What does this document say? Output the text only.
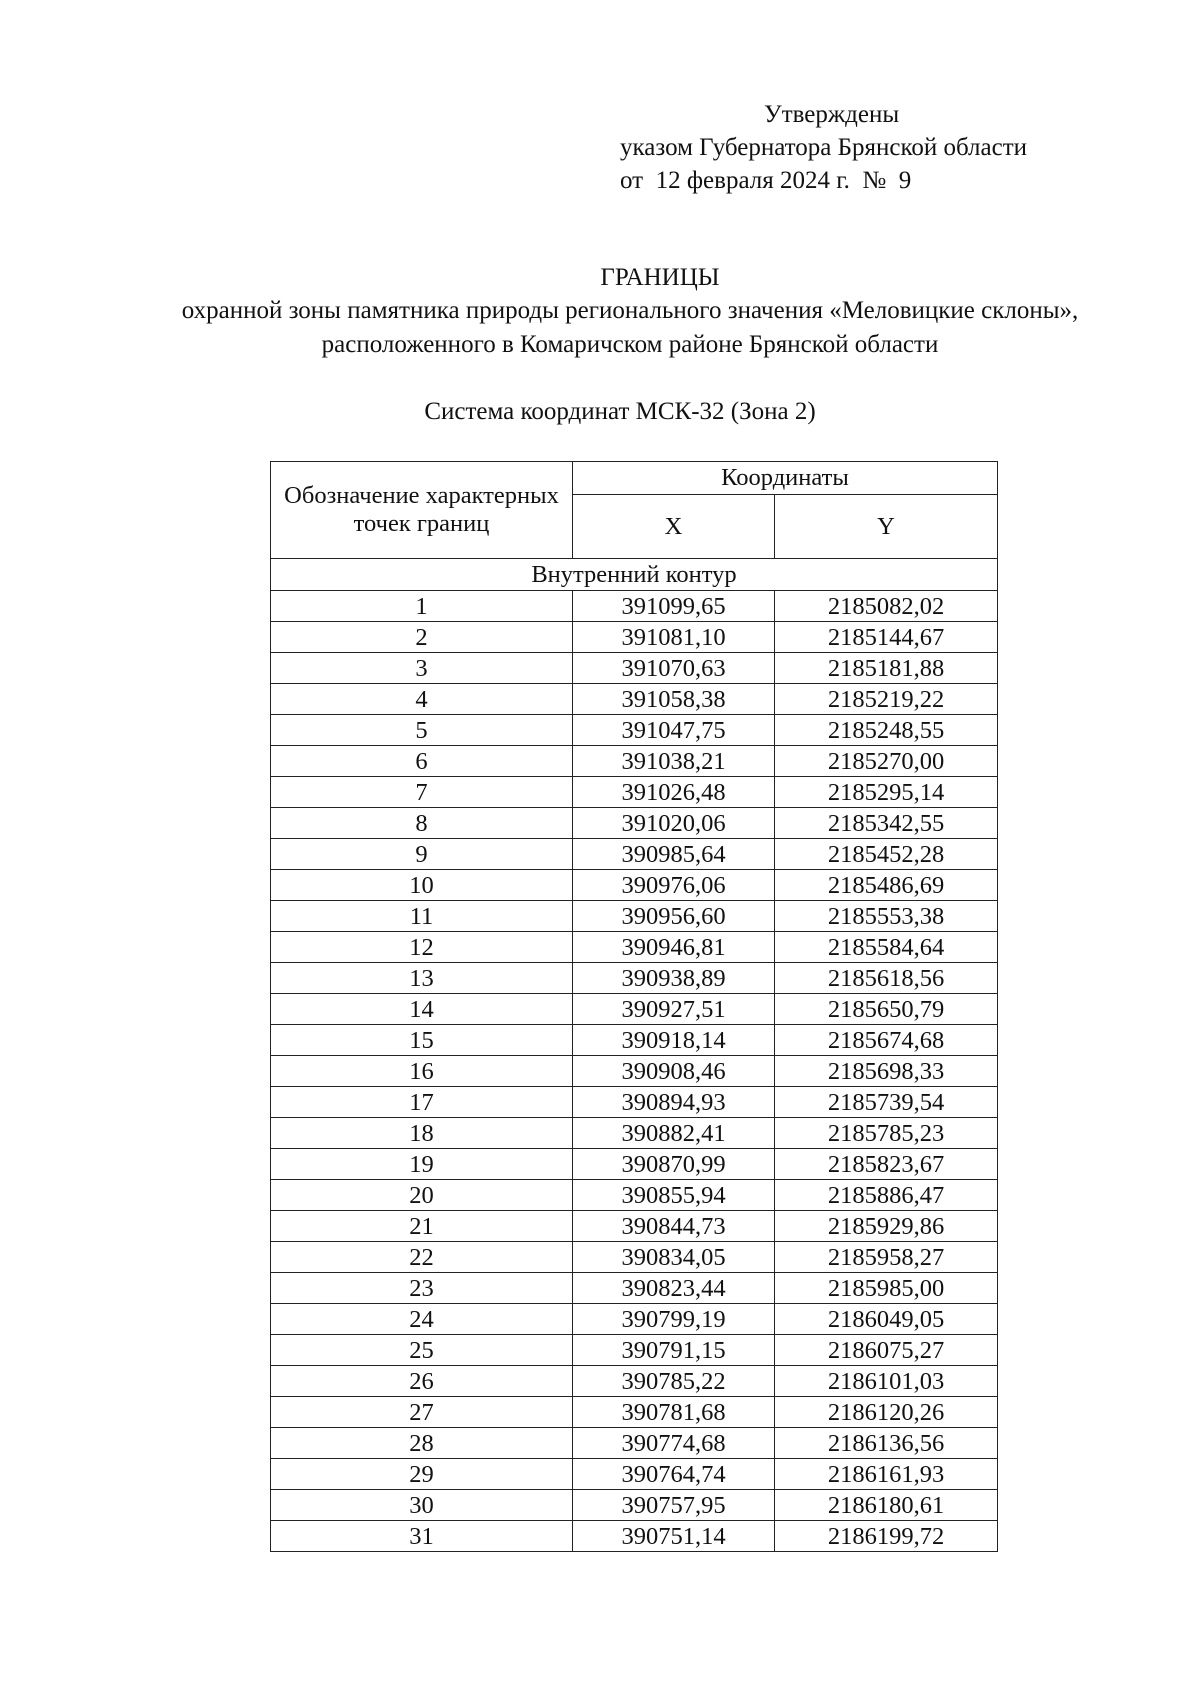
Утверждены
указом Губернатора Брянской области
от  12 февраля 2024 г.  №  9
ГРАНИЦЫ
охранной зоны памятника природы регионального значения «Меловицкие склоны», расположенного в Комаричском районе Брянской области
Система координат МСК-32 (Зона 2)
Обозначение характерных точек границ	Координаты	
	X	Y
Внутренний контур		
1	391099,65	2185082,02
2	391081,10	2185144,67
3	391070,63	2185181,88
4	391058,38	2185219,22
5	391047,75	2185248,55
6	391038,21	2185270,00
7	391026,48	2185295,14
8	391020,06	2185342,55
9	390985,64	2185452,28
10	390976,06	2185486,69
11	390956,60	2185553,38
12	390946,81	2185584,64
13	390938,89	2185618,56
14	390927,51	2185650,79
15	390918,14	2185674,68
16	390908,46	2185698,33
17	390894,93	2185739,54
18	390882,41	2185785,23
19	390870,99	2185823,67
20	390855,94	2185886,47
21	390844,73	2185929,86
22	390834,05	2185958,27
23	390823,44	2185985,00
24	390799,19	2186049,05
25	390791,15	2186075,27
26	390785,22	2186101,03
27	390781,68	2186120,26
28	390774,68	2186136,56
29	390764,74	2186161,93
30	390757,95	2186180,61
31	390751,14	2186199,72
